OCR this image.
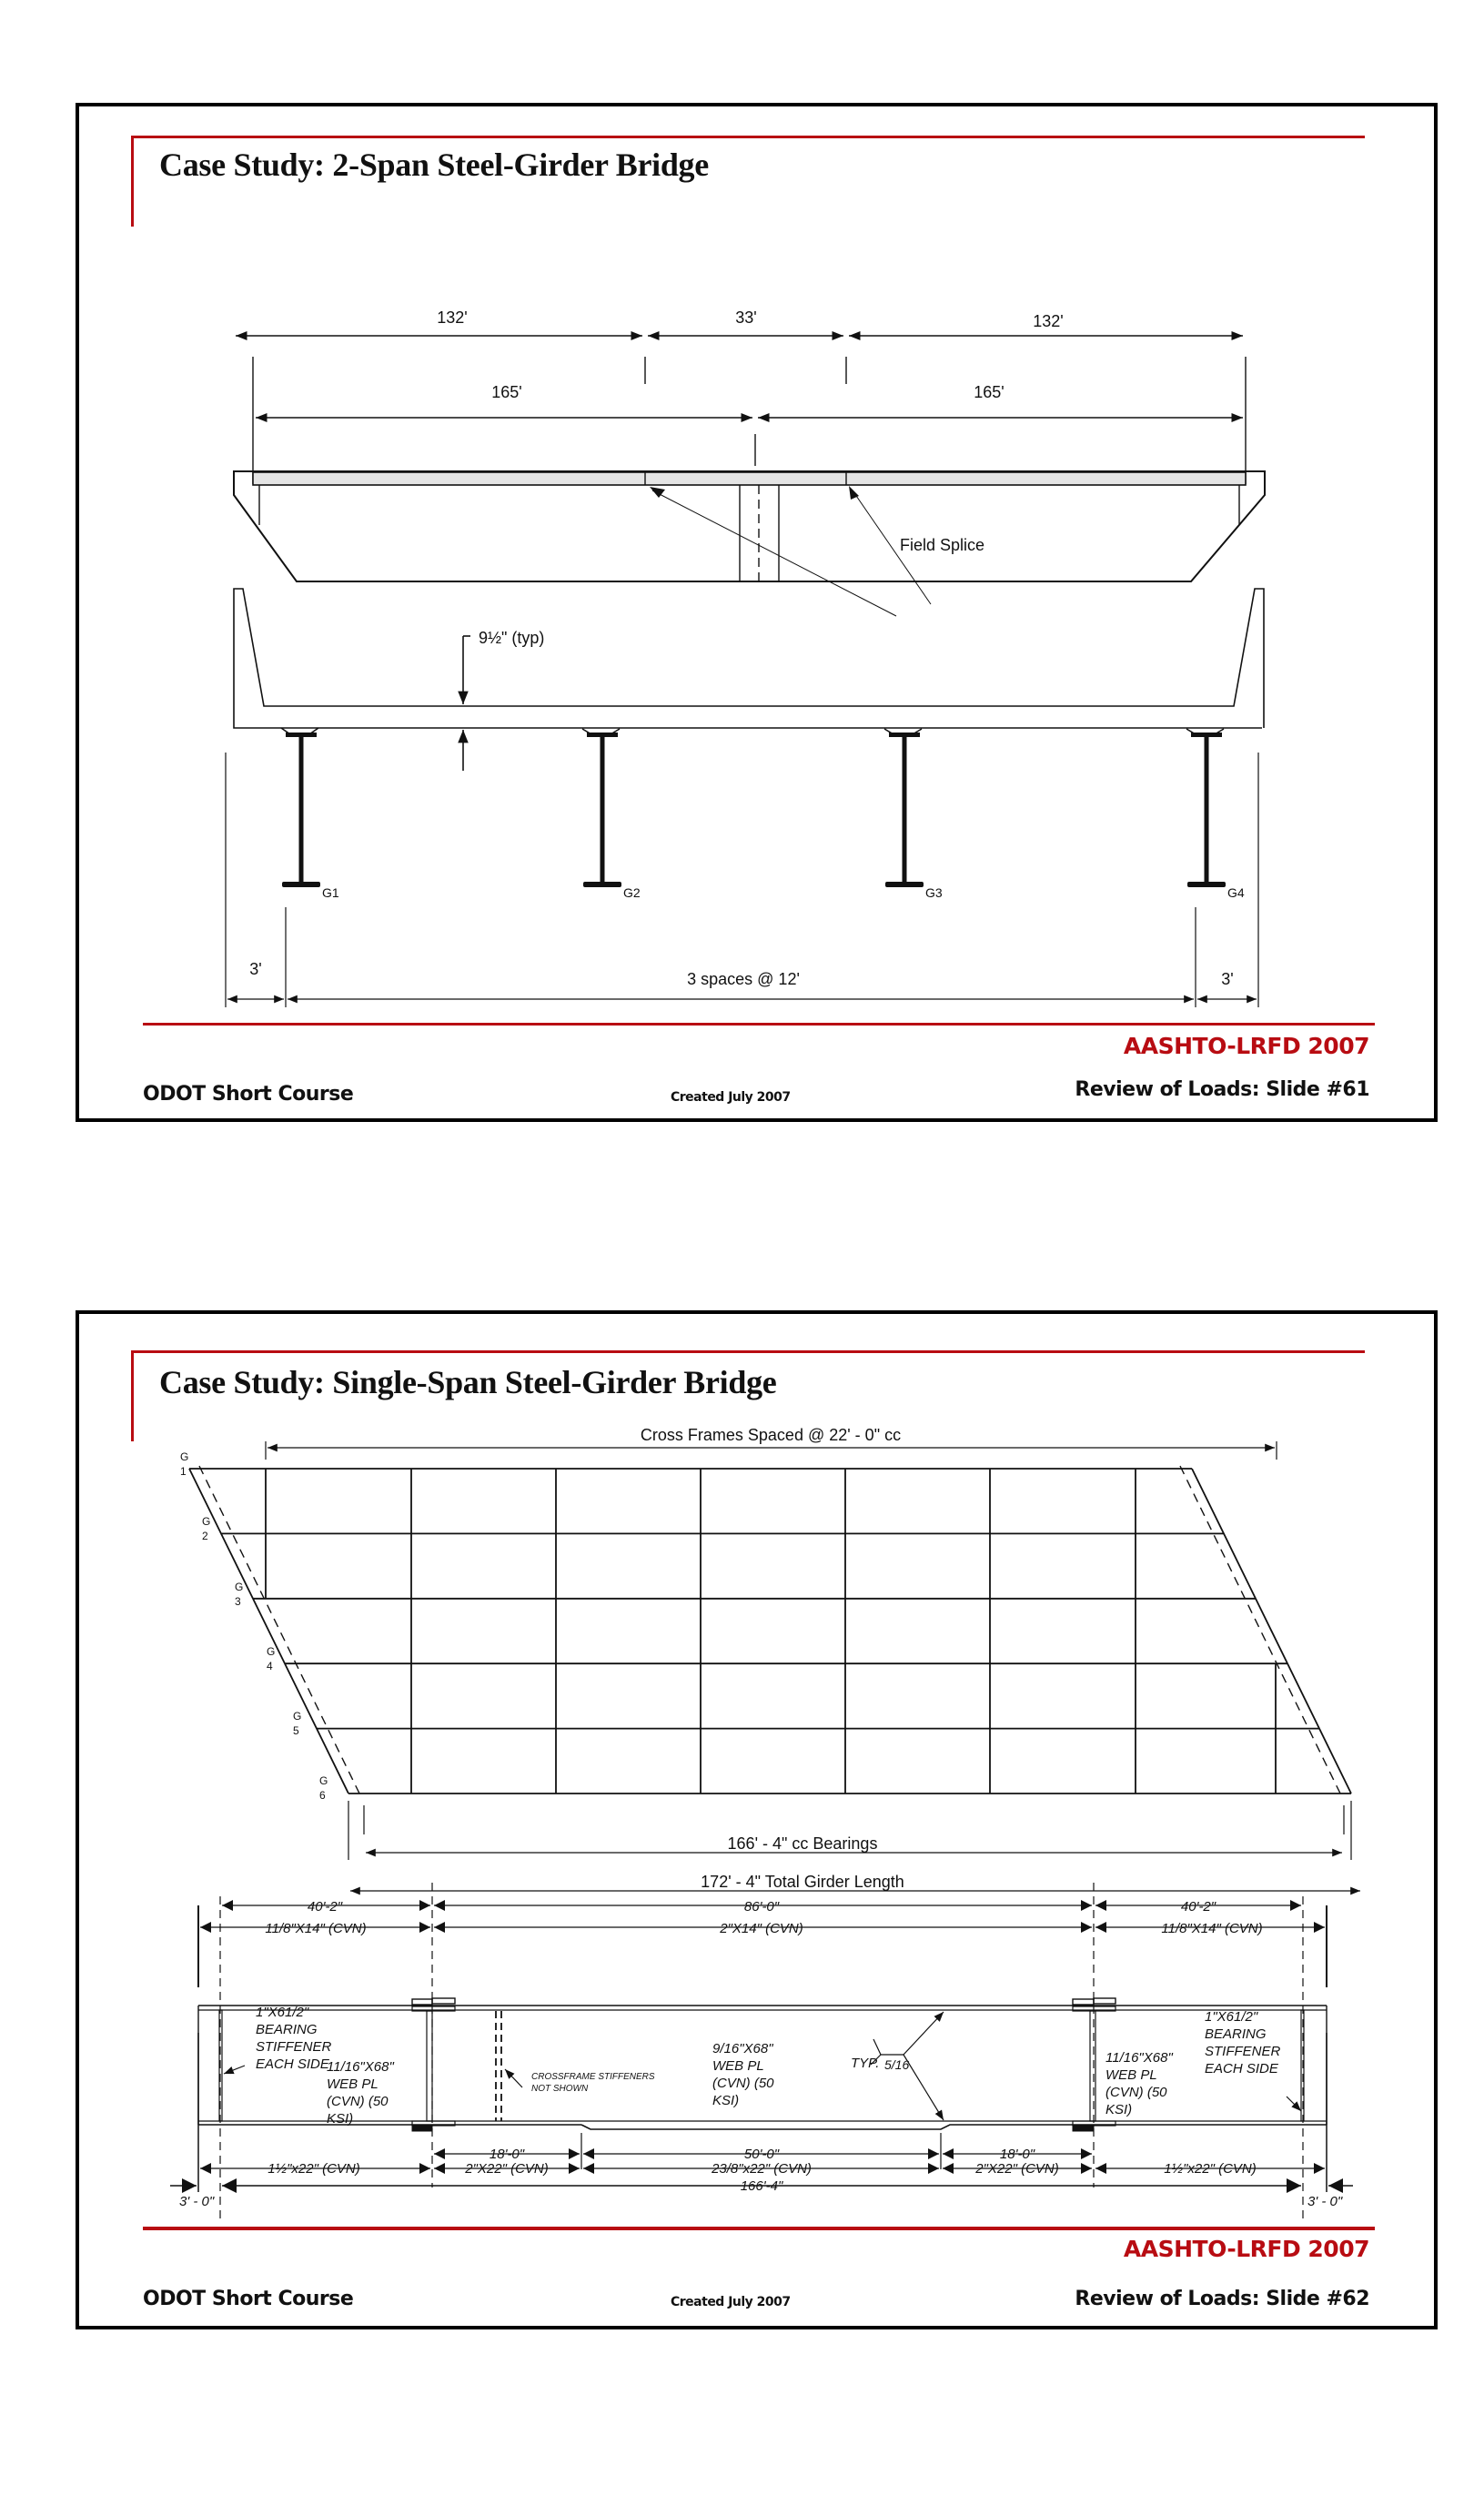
Case Study: 2-Span Steel-Girder Bridge
132'	33'	132'
165'	165'
Field Splice
9½" (typ)
G1	G2	G3	G4
3'
3 spaces @ 12'	3'
AASHTO-LRFD 2007
ODOT Short Course	Created July 2007	Review of Loads: Slide #61
Case Study: Single-Span Steel-Girder Bridge
Cross Frames Spaced @ 22' - 0" cc
G
1
G
2
G
3
G
4
G
5
G
6
166' - 4" cc Bearings
172' - 4" Total Girder Length
40'-2"	86'-0"	40'-2"
11/8"X14" (CVN)	2"X14" (CVN)	11/8"X14" (CVN)
1"X61/2"
BEARING
STIFFENER
EACH SIDE
11/16"X68"
WEB PL
(CVN) (50
KSI)
CROSSFRAME STIFFENERS
NOT SHOWN
9/16"X68"
WEB PL
(CVN) (50
KSI)
TYP. 5/16	11/16"X68"
WEB PL
(CVN) (50
KSI)
1"X61/2"
BEARING
STIFFENER
EACH SIDE
18'-0"	50'-0"	18'-0"
1½"x22" (CVN)	2"X22" (CVN)	23/8"x22" (CVN)	2"X22" (CVN)	1½"x22" (CVN)
166'-4"
3' - 0"	3' - 0"
AASHTO-LRFD 2007
ODOT Short Course	Created July 2007	Review of Loads: Slide #62
